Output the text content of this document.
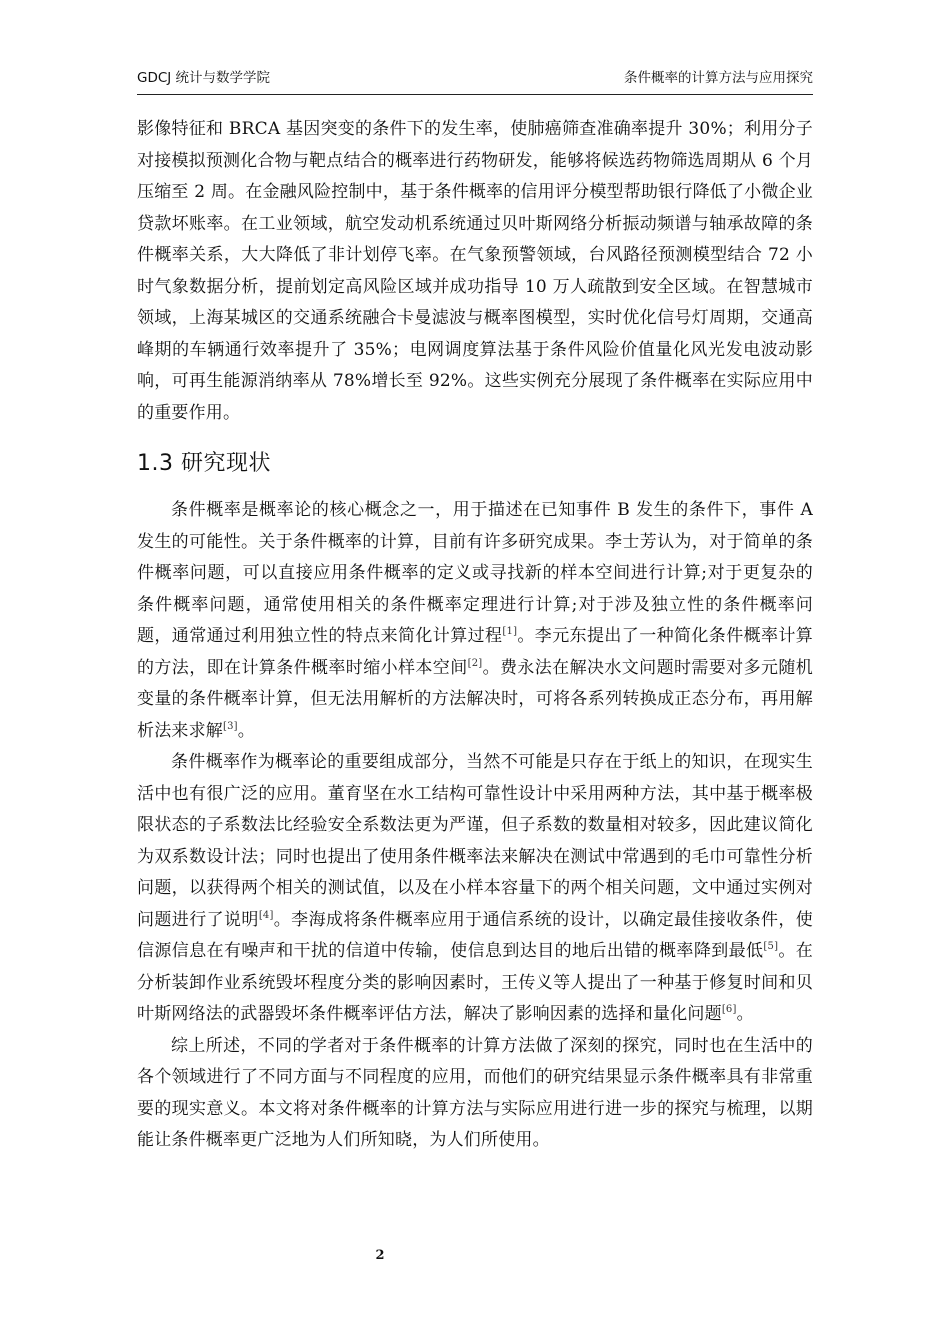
GDCJ 统计与数学学院	条件概率的计算方法与应用探究

影像特征和 BRCA 基因突变的条件下的发生率，使肺癌筛查准确率提升 30%；利用分子对接模拟预测化合物与靶点结合的概率进行药物研发，能够将候选药物筛选周期从 6 个月压缩至 2 周。在金融风险控制中，基于条件概率的信用评分模型帮助银行降低了小微企业贷款坏账率。在工业领域，航空发动机系统通过贝叶斯网络分析振动频谱与轴承故障的条件概率关系，大大降低了非计划停飞率。在气象预警领域，台风路径预测模型结合 72 小时气象数据分析，提前划定高风险区域并成功指导 10 万人疏散到安全区域。在智慧城市领域，上海某城区的交通系统融合卡曼滤波与概率图模型，实时优化信号灯周期，交通高峰期的车辆通行效率提升了 35%；电网调度算法基于条件风险价值量化风光发电波动影响，可再生能源消纳率从 78%增长至 92%。这些实例充分展现了条件概率在实际应用中的重要作用。

1.3 研究现状

条件概率是概率论的核心概念之一，用于描述在已知事件 B 发生的条件下，事件 A 发生的可能性。关于条件概率的计算，目前有许多研究成果。李士芳认为，对于简单的条件概率问题，可以直接应用条件概率的定义或寻找新的样本空间进行计算;对于更复杂的条件概率问题，通常使用相关的条件概率定理进行计算;对于涉及独立性的条件概率问题，通常通过利用独立性的特点来简化计算过程[1]。李元东提出了一种简化条件概率计算的方法，即在计算条件概率时缩小样本空间[2]。费永法在解决水文问题时需要对多元随机变量的条件概率计算，但无法用解析的方法解决时，可将各系列转换成正态分布，再用解析法来求解[3]。

条件概率作为概率论的重要组成部分，当然不可能是只存在于纸上的知识，在现实生活中也有很广泛的应用。董育坚在水工结构可靠性设计中采用两种方法，其中基于概率极限状态的子系数法比经验安全系数法更为严谨，但子系数的数量相对较多，因此建议简化为双系数设计法；同时也提出了使用条件概率法来解决在测试中常遇到的毛巾可靠性分析问题，以获得两个相关的测试值，以及在小样本容量下的两个相关问题，文中通过实例对问题进行了说明[4]。李海成将条件概率应用于通信系统的设计，以确定最佳接收条件，使信源信息在有噪声和干扰的信道中传输，使信息到达目的地后出错的概率降到最低[5]。在分析装卸作业系统毁坏程度分类的影响因素时，王传义等人提出了一种基于修复时间和贝叶斯网络法的武器毁坏条件概率评估方法，解决了影响因素的选择和量化问题[6]。

综上所述，不同的学者对于条件概率的计算方法做了深刻的探究，同时也在生活中的各个领域进行了不同方面与不同程度的应用，而他们的研究结果显示条件概率具有非常重要的现实意义。本文将对条件概率的计算方法与实际应用进行进一步的探究与梳理，以期能让条件概率更广泛地为人们所知晓，为人们所使用。

2
